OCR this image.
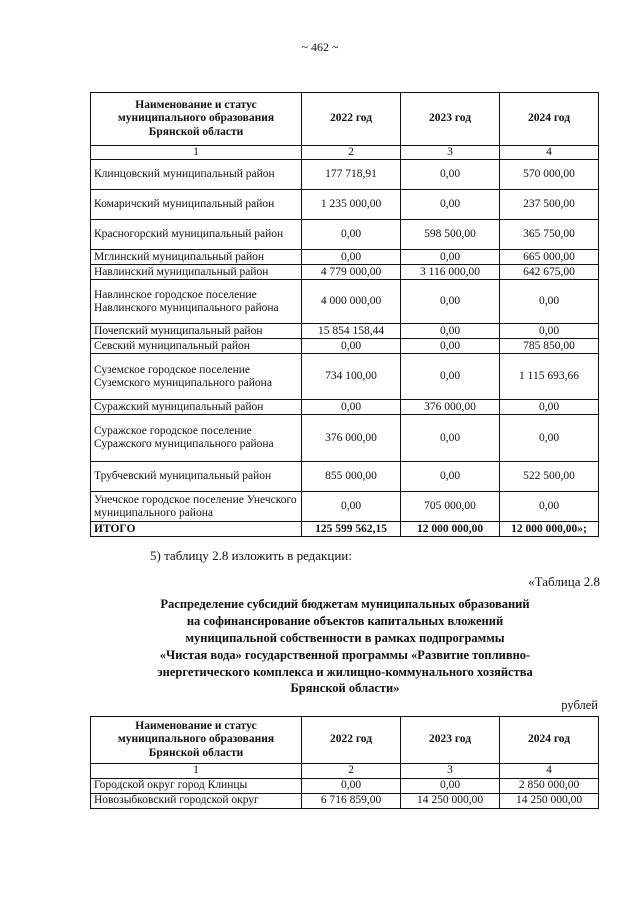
~ 462 ~
Наименование и статус муниципального образования Брянской области	2022 год	2023 год	2024 год
1	2	3	4
Клинцовский муниципальный район	177 718,91	0,00	570 000,00
Комаричский муниципальный район	1 235 000,00	0,00	237 500,00
Красногорский муниципальный район	0,00	598 500,00	365 750,00
Мглинский муниципальный район	0,00	0,00	665 000,00
Навлинский муниципальный район	4 779 000,00	3 116 000,00	642 675,00
Навлинское городское поселение Навлинского муниципального района	4 000 000,00	0,00	0,00
Почепский муниципальный район	15 854 158,44	0,00	0,00
Севский муниципальный район	0,00	0,00	785 850,00
Суземское городское поселение Суземского муниципального района	734 100,00	0,00	1 115 693,66
Суражский муниципальный район	0,00	376 000,00	0,00
Суражское городское поселение Суражского муниципального района	376 000,00	0,00	0,00
Трубчевский муниципальный район	855 000,00	0,00	522 500,00
Унечское городское поселение Унечского муниципального района	0,00	705 000,00	0,00
ИТОГО	125 599 562,15	12 000 000,00	12 000 000,00»;
5) таблицу 2.8 изложить в редакции:
«Таблица 2.8
Распределение субсидий бюджетам муниципальных образований
на софинансирование объектов капитальных вложений
муниципальной собственности в рамках подпрограммы
«Чистая вода» государственной программы «Развитие топливно-
энергетического комплекса и жилищно-коммунального хозяйства
Брянской области»
рублей
Наименование и статус муниципального образования Брянской области	2022 год	2023 год	2024 год
1	2	3	4
Городской округ город Клинцы	0,00	0,00	2 850 000,00
Новозыбковский городской округ	6 716 859,00	14 250 000,00	14 250 000,00
